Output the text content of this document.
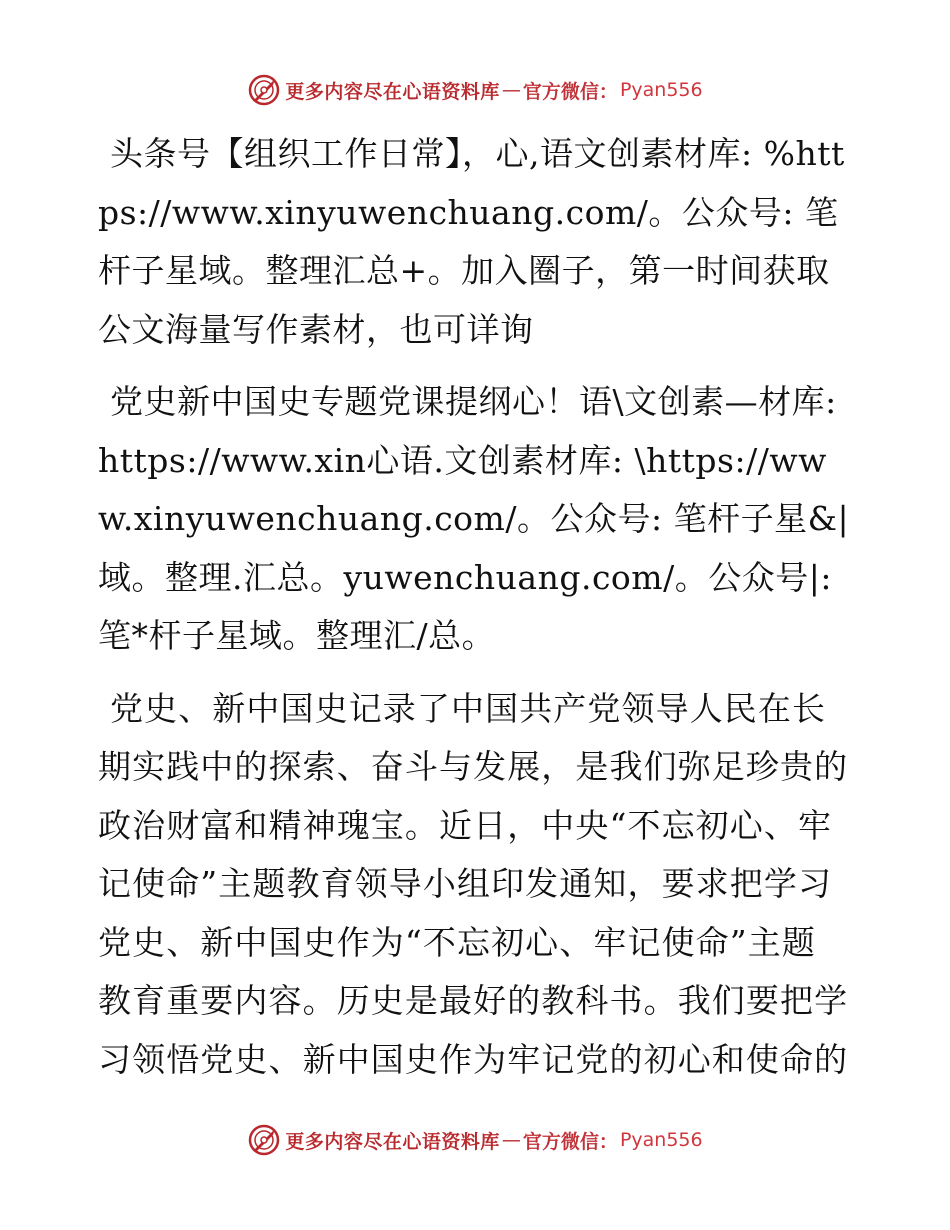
更多内容尽在心语资料库 — 官方微信： Pyan556

头条号【组织工作日常】，心,语文创素材库: %https://www.xinyuwenchuang.com/。公众号: 笔杆子星域。整理汇总+。加入圈子，第一时间获取公文海量写作素材，也可详询

党史新中国史专题党课提纲心！语\文创素—材库: https://www.xin心语.文创素材库: \https://www.xinyuwenchuang.com/。公众号: 笔杆子星&|域。整理.汇总。yuwenchuang.com/。公众号|: 笔*杆子星域。整理汇/总。

党史、新中国史记录了中国共产党领导人民在长期实践中的探索、奋斗与发展，是我们弥足珍贵的政治财富和精神瑰宝。近日，中央“不忘初心、牢记使命”主题教育领导小组印发通知，要求把学习党史、新中国史作为“不忘初心、牢记使命”主题教育重要内容。历史是最好的教科书。我们要把学习领悟党史、新中国史作为牢记党的初心和使命的

更多内容尽在心语资料库 — 官方微信： Pyan556
